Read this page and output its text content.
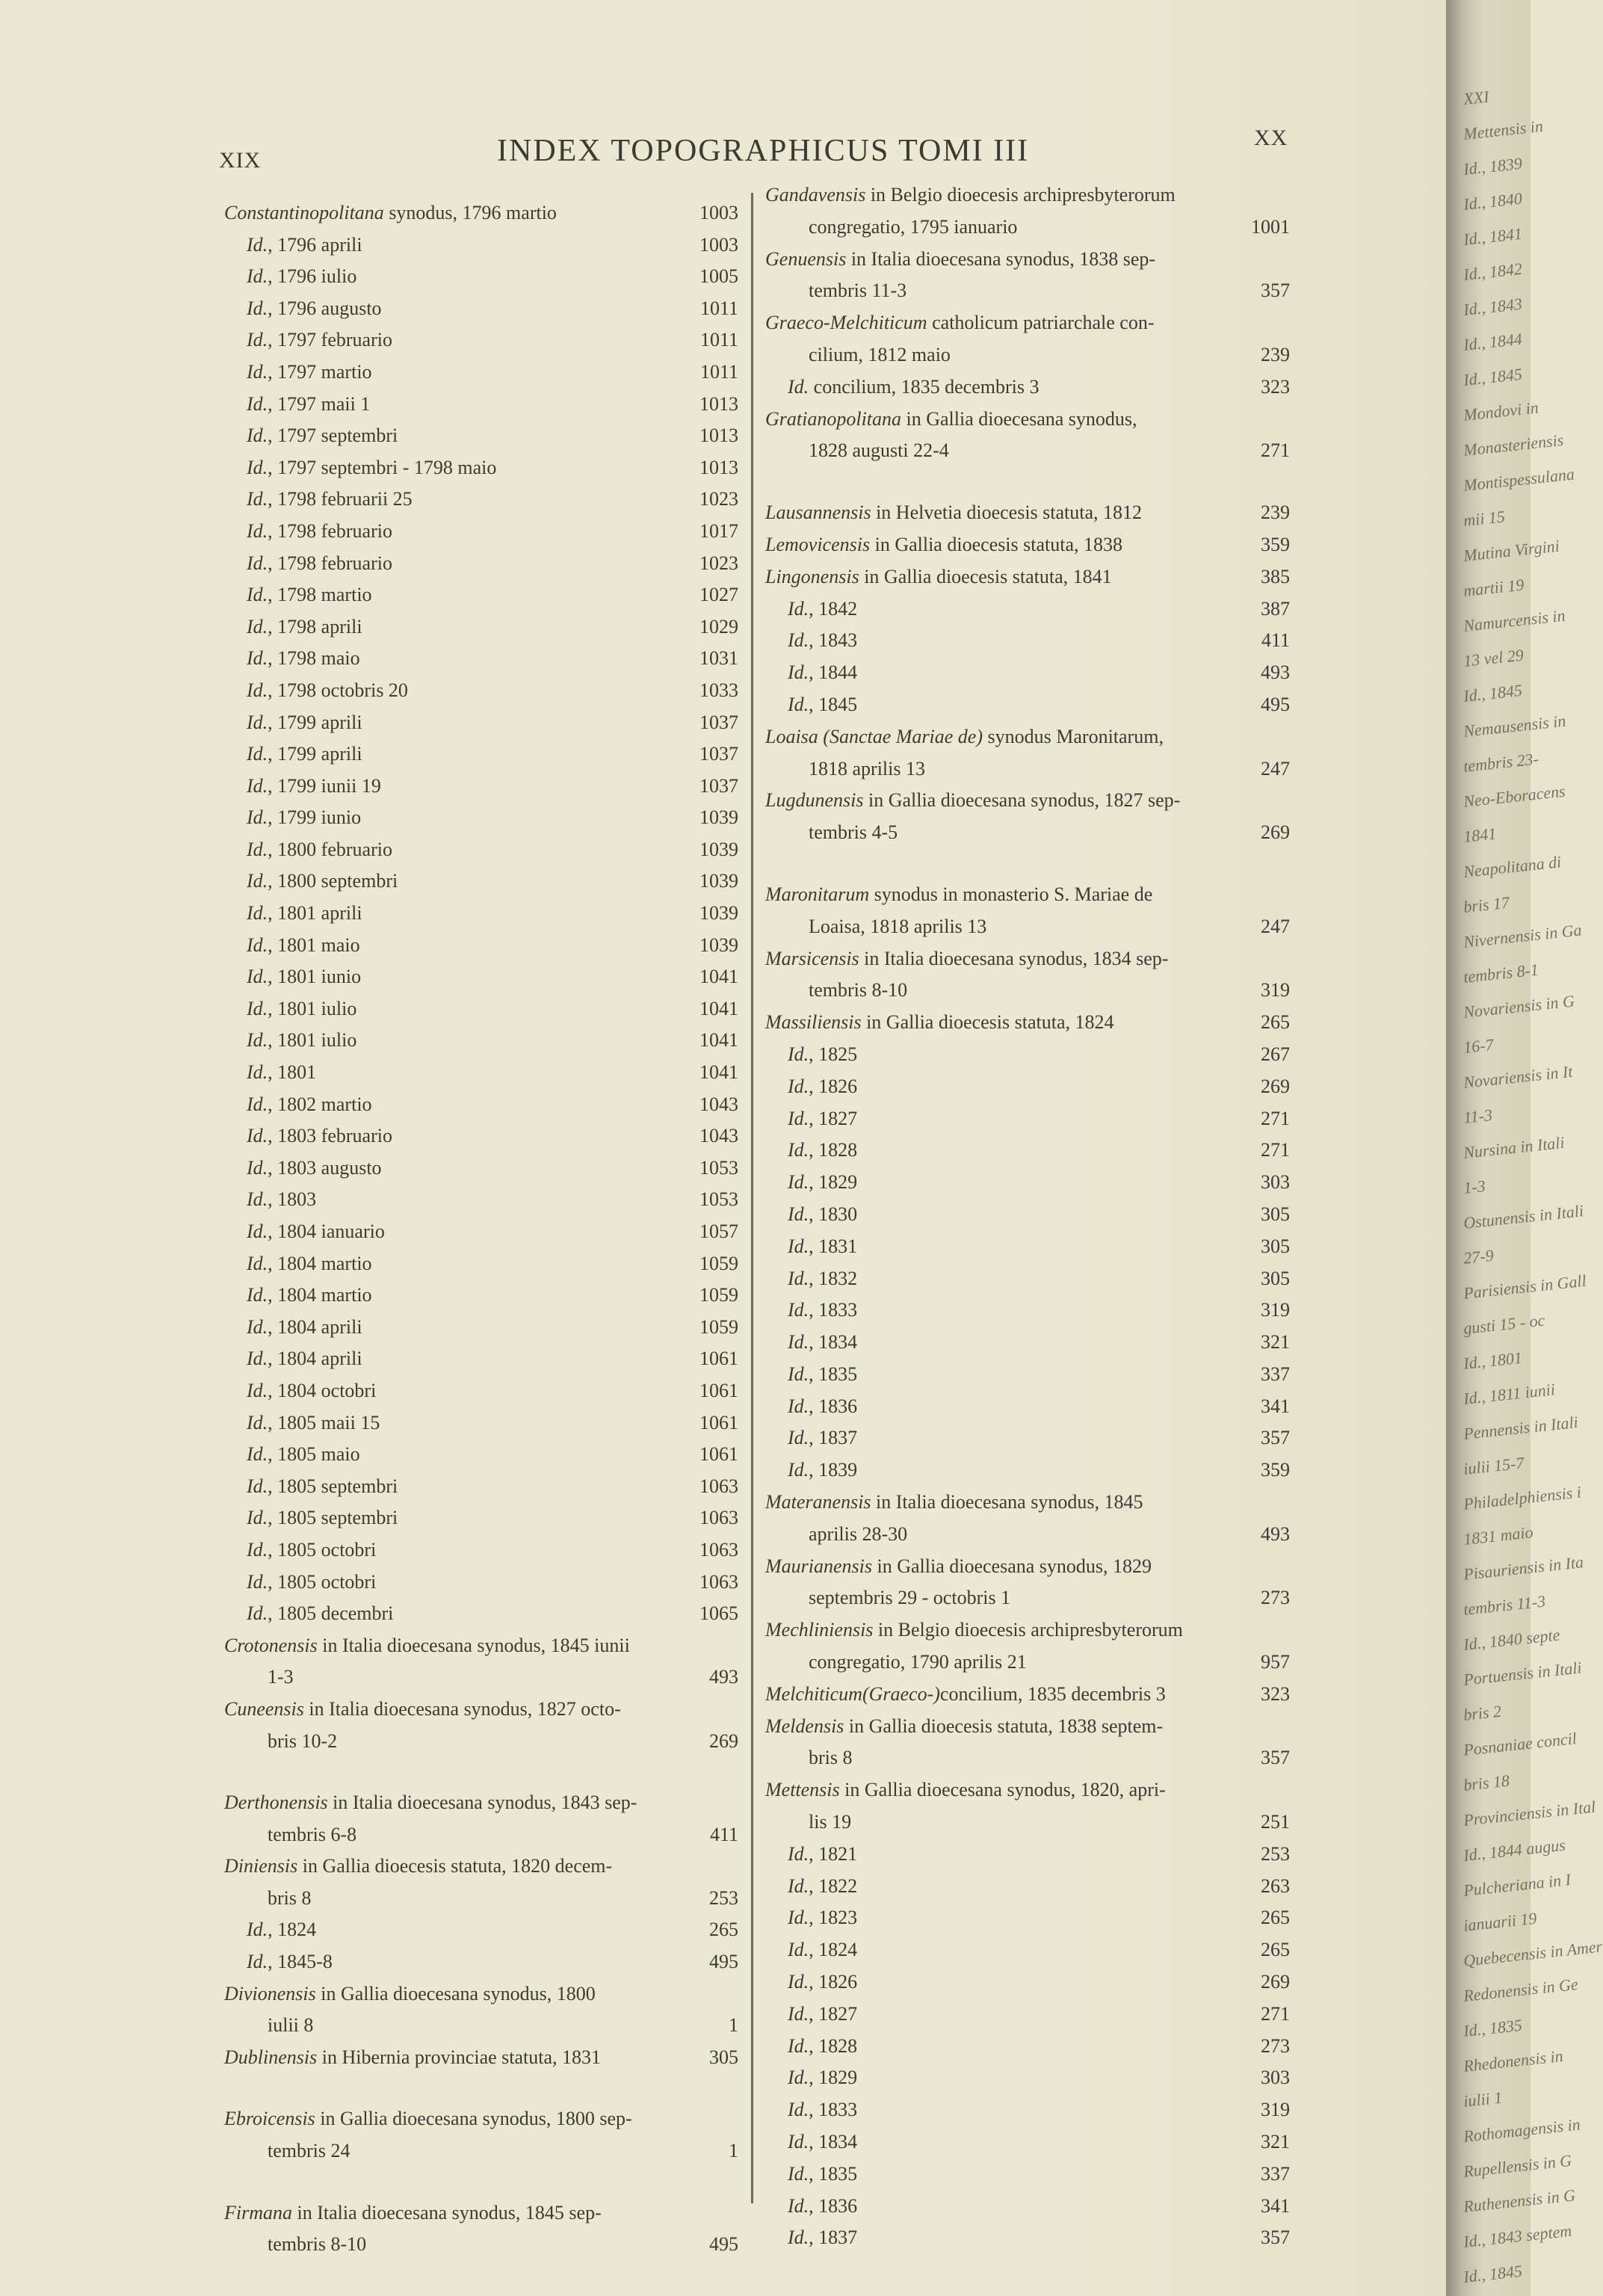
XIX	INDEX TOPOGRAPHICUS TOMI III	XX
Constantinopolitana synodus, 1796 martio	1003
Id., 1796 aprili	1003
Id., 1796 iulio	1005
Id., 1796 augusto	1011
Id., 1797 februario	1011
Id., 1797 martio	1011
Id., 1797 maii 1	1013
Id., 1797 septembri	1013
Id., 1797 septembri - 1798 maio	1013
Id., 1798 februarii 25	1023
Id., 1798 februario	1017
Id., 1798 februario	1023
Id., 1798 martio	1027
Id., 1798 aprili	1029
Id., 1798 maio	1031
Id., 1798 octobris 20	1033
Id., 1799 aprili	1037
Id., 1799 aprili	1037
Id., 1799 iunii 19	1037
Id., 1799 iunio	1039
Id., 1800 februario	1039
Id., 1800 septembri	1039
Id., 1801 aprili	1039
Id., 1801 maio	1039
Id., 1801 iunio	1041
Id., 1801 iulio	1041
Id., 1801 iulio	1041
Id., 1801	1041
Id., 1802 martio	1043
Id., 1803 februario	1043
Id., 1803 augusto	1053
Id., 1803	1053
Id., 1804 ianuario	1057
Id., 1804 martio	1059
Id., 1804 martio	1059
Id., 1804 aprili	1059
Id., 1804 aprili	1061
Id., 1804 octobri	1061
Id., 1805 maii 15	1061
Id., 1805 maio	1061
Id., 1805 septembri	1063
Id., 1805 septembri	1063
Id., 1805 octobri	1063
Id., 1805 octobri	1063
Id., 1805 decembri	1065
Crotonensis in Italia dioecesana synodus, 1845 iunii
1-3	493
Cuneensis in Italia dioecesana synodus, 1827 octo-
bris 10-2	269
Derthonensis in Italia dioecesana synodus, 1843 sep-
tembris 6-8	411
Diniensis in Gallia dioecesis statuta, 1820 decem-
bris 8	253
Id., 1824	265
Id., 1845-8	495
Divionensis in Gallia dioecesana synodus, 1800
iulii 8	1
Dublinensis in Hibernia provinciae statuta, 1831	305
Ebroicensis in Gallia dioecesana synodus, 1800 sep-
tembris 24	1
Firmana in Italia dioecesana synodus, 1845 sep-
tembris 8-10	495
Gandavensis in Belgio dioecesis archipresbyterorum
congregatio, 1795 ianuario	1001
Genuensis in Italia dioecesana synodus, 1838 sep-
tembris 11-3	357
Graeco-Melchiticum catholicum patriarchale con-
cilium, 1812 maio	239
Id. concilium, 1835 decembris 3	323
Gratianopolitana in Gallia dioecesana synodus,
1828 augusti 22-4	271
Lausannensis in Helvetia dioecesis statuta, 1812	239
Lemovicensis in Gallia dioecesis statuta, 1838	359
Lingonensis in Gallia dioecesis statuta, 1841	385
Id., 1842	387
Id., 1843	411
Id., 1844	493
Id., 1845	495
Loaisa (Sanctae Mariae de) synodus Maronitarum,
1818 aprilis 13	247
Lugdunensis in Gallia dioecesana synodus, 1827 sep-
tembris 4-5	269
Maronitarum synodus in monasterio S. Mariae de
Loaisa, 1818 aprilis 13	247
Marsicensis in Italia dioecesana synodus, 1834 sep-
tembris 8-10	319
Massiliensis in Gallia dioecesis statuta, 1824	265
Id., 1825	267
Id., 1826	269
Id., 1827	271
Id., 1828	271
Id., 1829	303
Id., 1830	305
Id., 1831	305
Id., 1832	305
Id., 1833	319
Id., 1834	321
Id., 1835	337
Id., 1836	341
Id., 1837	357
Id., 1839	359
Materanensis in Italia dioecesana synodus, 1845
aprilis 28-30	493
Maurianensis in Gallia dioecesana synodus, 1829
septembris 29 - octobris 1	273
Mechliniensis in Belgio dioecesis archipresbyterorum
congregatio, 1790 aprilis 21	957
Melchiticum(Graeco-)concilium, 1835 decembris 3	323
Meldensis in Gallia dioecesis statuta, 1838 septem-
bris 8	357
Mettensis in Gallia dioecesana synodus, 1820, apri-
lis 19	251
Id., 1821	253
Id., 1822	263
Id., 1823	265
Id., 1824	265
Id., 1826	269
Id., 1827	271
Id., 1828	273
Id., 1829	303
Id., 1833	319
Id., 1834	321
Id., 1835	337
Id., 1836	341
Id., 1837	357
XXI
Mettensis in
Id., 1839
Id., 1840
Id., 1841
Id., 1842
Id., 1843
Id., 1844
Id., 1845
Mondovi in
Monasteriensis
Montispessulana
mii 15
Mutina Virgini
martii 19
Namurcensis in
13 vel 29
Id., 1845
Nemausensis in
tembris 23-
Neo-Eboracens
1841
Neapolitana di
bris 17
Nivernensis in Ga
tembris 8-1
Novariensis in G
16-7
Novariensis in It
11-3
Nursina in Itali
1-3
Ostunensis in Itali
27-9
Parisiensis in Gall
gusti 15 - oc
Id., 1801
Id., 1811 iunii
Pennensis in Itali
iulii 15-7
Philadelphiensis i
1831 maio
Pisauriensis in Ita
tembris 11-3
Id., 1840 septe
Portuensis in Itali
bris 2
Posnaniae concil
bris 18
Provinciensis in Ital
Id., 1844 augus
Pulcheriana in I
ianuarii 19
Quebecensis in Amer
Redonensis in Ge
Id., 1835
Rhedonensis in
iulii 1
Rothomagensis in
Rupellensis in G
Ruthenensis in G
Id., 1843 septem
Id., 1845
